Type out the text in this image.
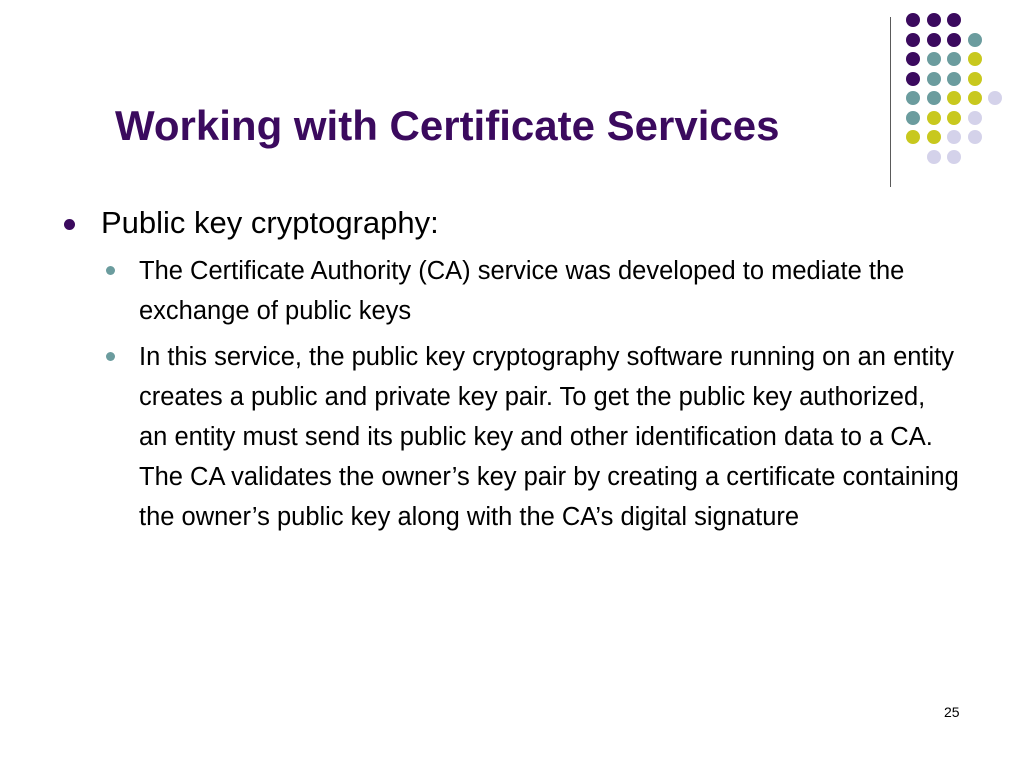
Working with Certificate Services
Public key cryptography:
The Certificate Authority (CA) service was developed to mediate the exchange of public keys
In this service, the public key cryptography software running on an entity creates a public and private key pair. To get the public key authorized, an entity must send its public key and other identification data to a CA. The CA validates the owner’s key pair by creating a certificate containing the owner’s public key along with the CA’s digital signature
25
